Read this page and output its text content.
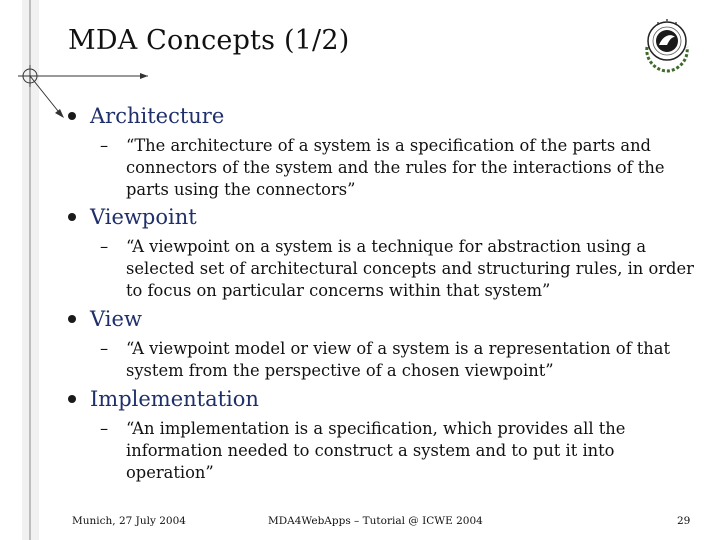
MDA Concepts (1/2)
Architecture
– “The architecture of a system is a specification of the parts and connectors of the system and the rules for the interactions of the parts using the connectors”
Viewpoint
– “A viewpoint on a system is a technique for abstraction using a selected set of architectural concepts and structuring rules, in order to focus on particular concerns within that system”
View
– “A viewpoint model or view of a system is a representation of that system from the perspective of a chosen viewpoint”
Implementation
– “An implementation is a specification, which provides all the information needed to construct a system and to put it into operation”
Munich, 27 July 2004	MDA4WebApps – Tutorial @ ICWE 2004	29
